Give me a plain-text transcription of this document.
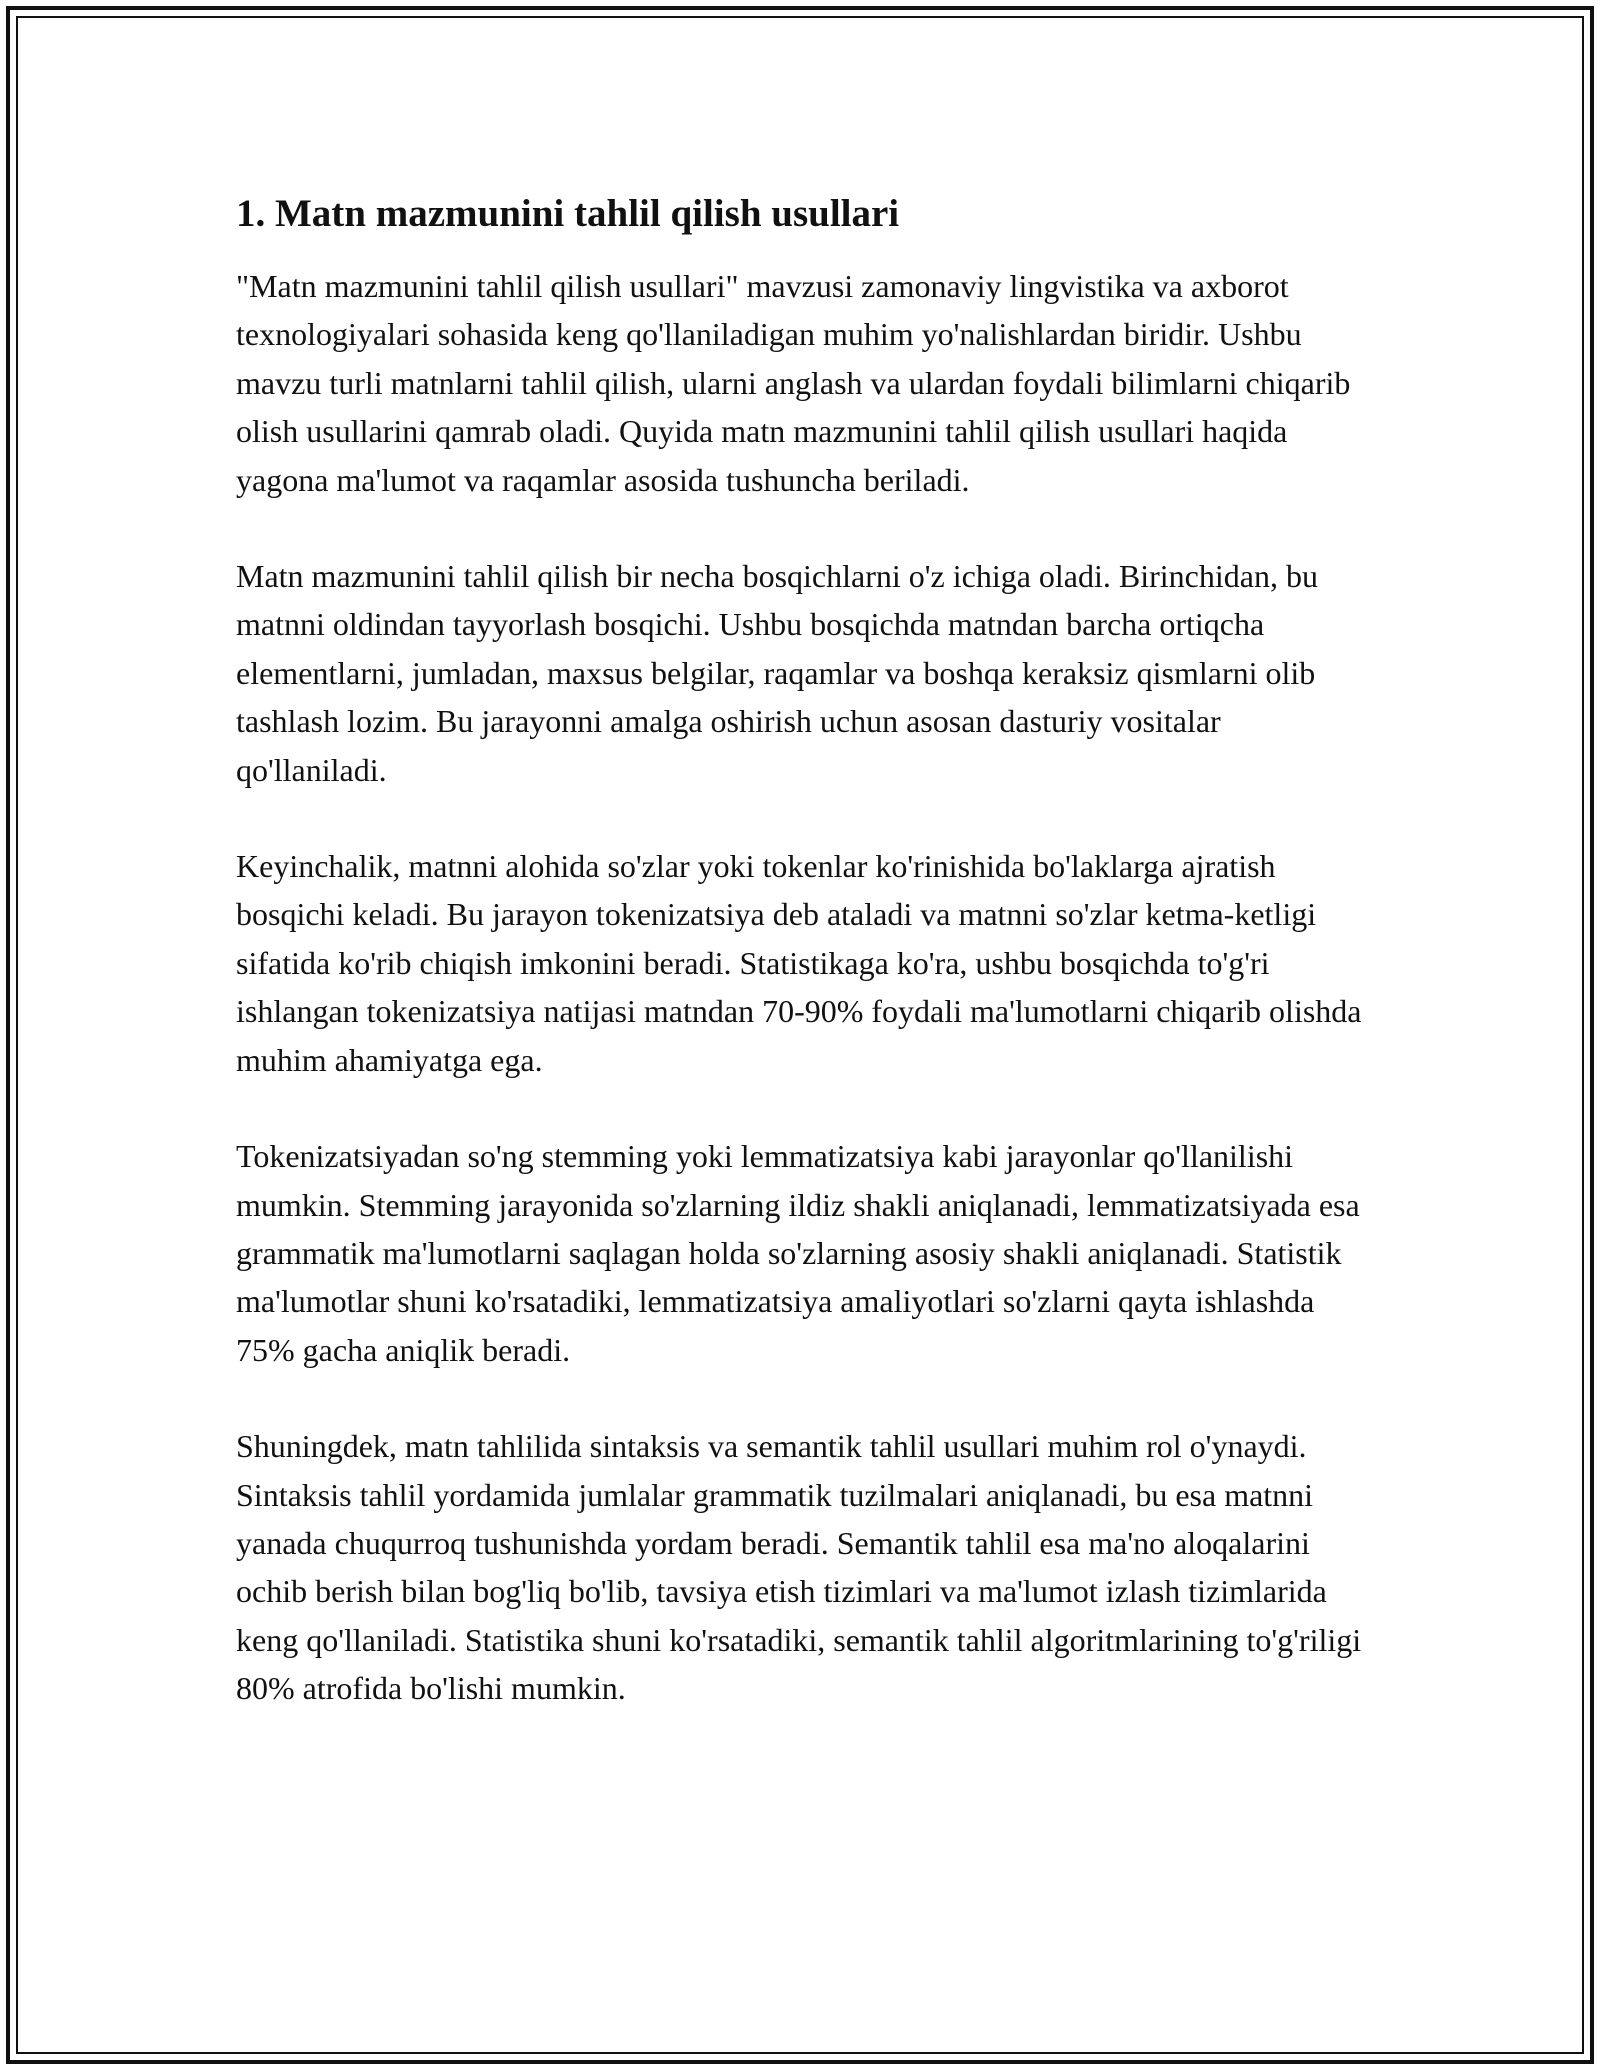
1. Matn mazmunini tahlil qilish usullari

"Matn mazmunini tahlil qilish usullari" mavzusi zamonaviy lingvistika va axborot texnologiyalari sohasida keng qo'llaniladigan muhim yo'nalishlardan biridir. Ushbu mavzu turli matnlarni tahlil qilish, ularni anglash va ulardan foydali bilimlarni chiqarib olish usullarini qamrab oladi. Quyida matn mazmunini tahlil qilish usullari haqida yagona ma'lumot va raqamlar asosida tushuncha beriladi.

Matn mazmunini tahlil qilish bir necha bosqichlarni o'z ichiga oladi. Birinchidan, bu matnni oldindan tayyorlash bosqichi. Ushbu bosqichda matndan barcha ortiqcha elementlarni, jumladan, maxsus belgilar, raqamlar va boshqa keraksiz qismlarni olib tashlash lozim. Bu jarayonni amalga oshirish uchun asosan dasturiy vositalar qo'llaniladi.

Keyinchalik, matnni alohida so'zlar yoki tokenlar ko'rinishida bo'laklarga ajratish bosqichi keladi. Bu jarayon tokenizatsiya deb ataladi va matnni so'zlar ketma-ketligi sifatida ko'rib chiqish imkonini beradi. Statistikaga ko'ra, ushbu bosqichda to'g'ri ishlangan tokenizatsiya natijasi matndan 70-90% foydali ma'lumotlarni chiqarib olishda muhim ahamiyatga ega.

Tokenizatsiyadan so'ng stemming yoki lemmatizatsiya kabi jarayonlar qo'llanilishi mumkin. Stemming jarayonida so'zlarning ildiz shakli aniqlanadi, lemmatizatsiyada esa grammatik ma'lumotlarni saqlagan holda so'zlarning asosiy shakli aniqlanadi. Statistik ma'lumotlar shuni ko'rsatadiki, lemmatizatsiya amaliyotlari so'zlarni qayta ishlashda 75% gacha aniqlik beradi.

Shuningdek, matn tahlilida sintaksis va semantik tahlil usullari muhim rol o'ynaydi. Sintaksis tahlil yordamida jumlalar grammatik tuzilmalari aniqlanadi, bu esa matnni yanada chuqurroq tushunishda yordam beradi. Semantik tahlil esa ma'no aloqalarini ochib berish bilan bog'liq bo'lib, tavsiya etish tizimlari va ma'lumot izlash tizimlarida keng qo'llaniladi. Statistika shuni ko'rsatadiki, semantik tahlil algoritmlarining to'g'riligi 80% atrofida bo'lishi mumkin.
